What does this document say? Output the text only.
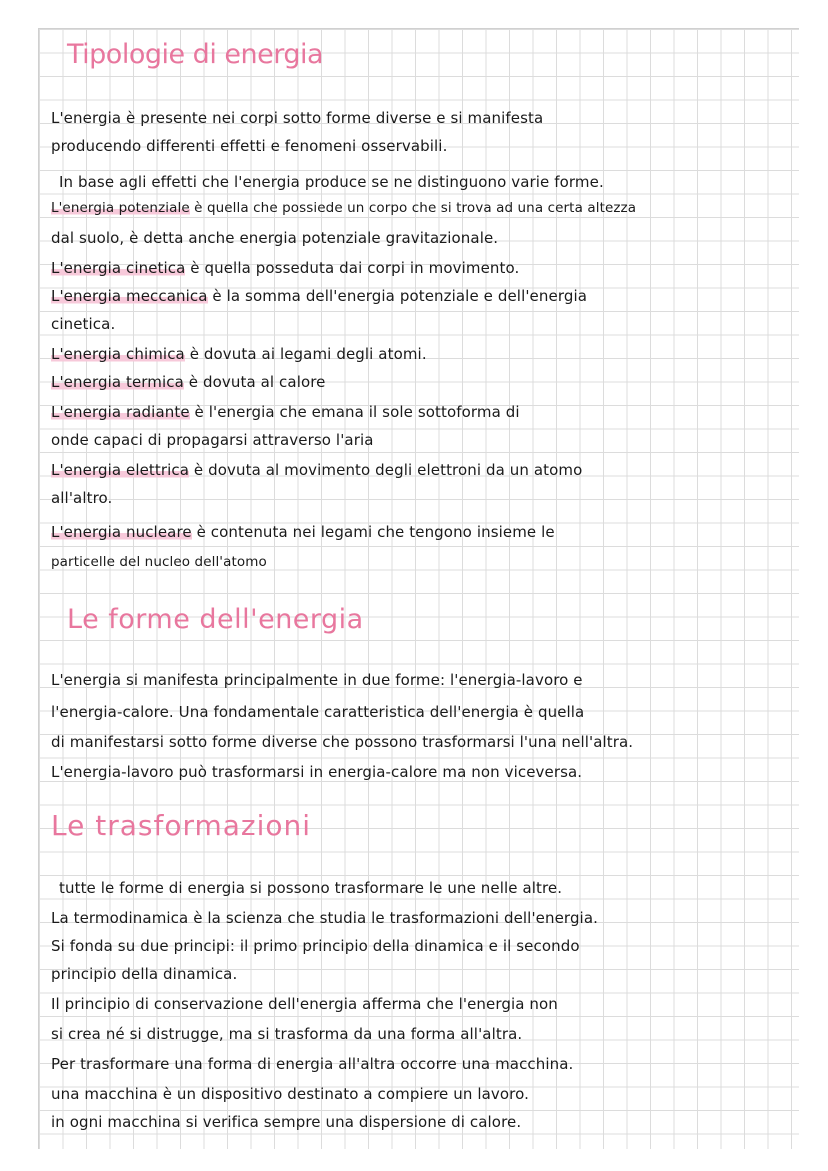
Tipologie di energia

L'energia è presente nei corpi sotto forme diverse e si manifesta

producendo differenti effetti e fenomeni osservabili.

In base agli effetti che l'energia produce se ne distinguono varie forme.

L'energia potenziale è quella che possiede un corpo che si trova ad una certa altezza

dal suolo, è detta anche energia potenziale gravitazionale.

L'energia cinetica è quella posseduta dai corpi in movimento.

L'energia meccanica è la somma dell'energia potenziale e dell'energia

cinetica.

L'energia chimica è dovuta ai legami degli atomi.

L'energia termica è dovuta al calore

L'energia radiante è l'energia che emana il sole sottoforma di

onde capaci di propagarsi attraverso l'aria

L'energia elettrica è dovuta al movimento degli elettroni da un atomo

all'altro.

L'energia nucleare è contenuta nei legami che tengono insieme le

particelle del nucleo dell'atomo

Le forme dell'energia

L'energia si manifesta principalmente in due forme: l'energia-lavoro e

l'energia-calore. Una fondamentale caratteristica dell'energia è quella

di manifestarsi sotto forme diverse che possono trasformarsi l'una nell'altra.

L'energia-lavoro può trasformarsi in energia-calore ma non viceversa.

Le trasformazioni

tutte le forme di energia si possono trasformare le une nelle altre.

La termodinamica è la scienza che studia le trasformazioni dell'energia.

Si fonda su due principi: il primo principio della dinamica e il secondo

principio della dinamica.

Il principio di conservazione dell'energia afferma che l'energia non

si crea né si distrugge, ma si trasforma da una forma all'altra.

Per trasformare una forma di energia all'altra occorre una macchina.

una macchina è un dispositivo destinato a compiere un lavoro.

in ogni macchina si verifica sempre una dispersione di calore.
